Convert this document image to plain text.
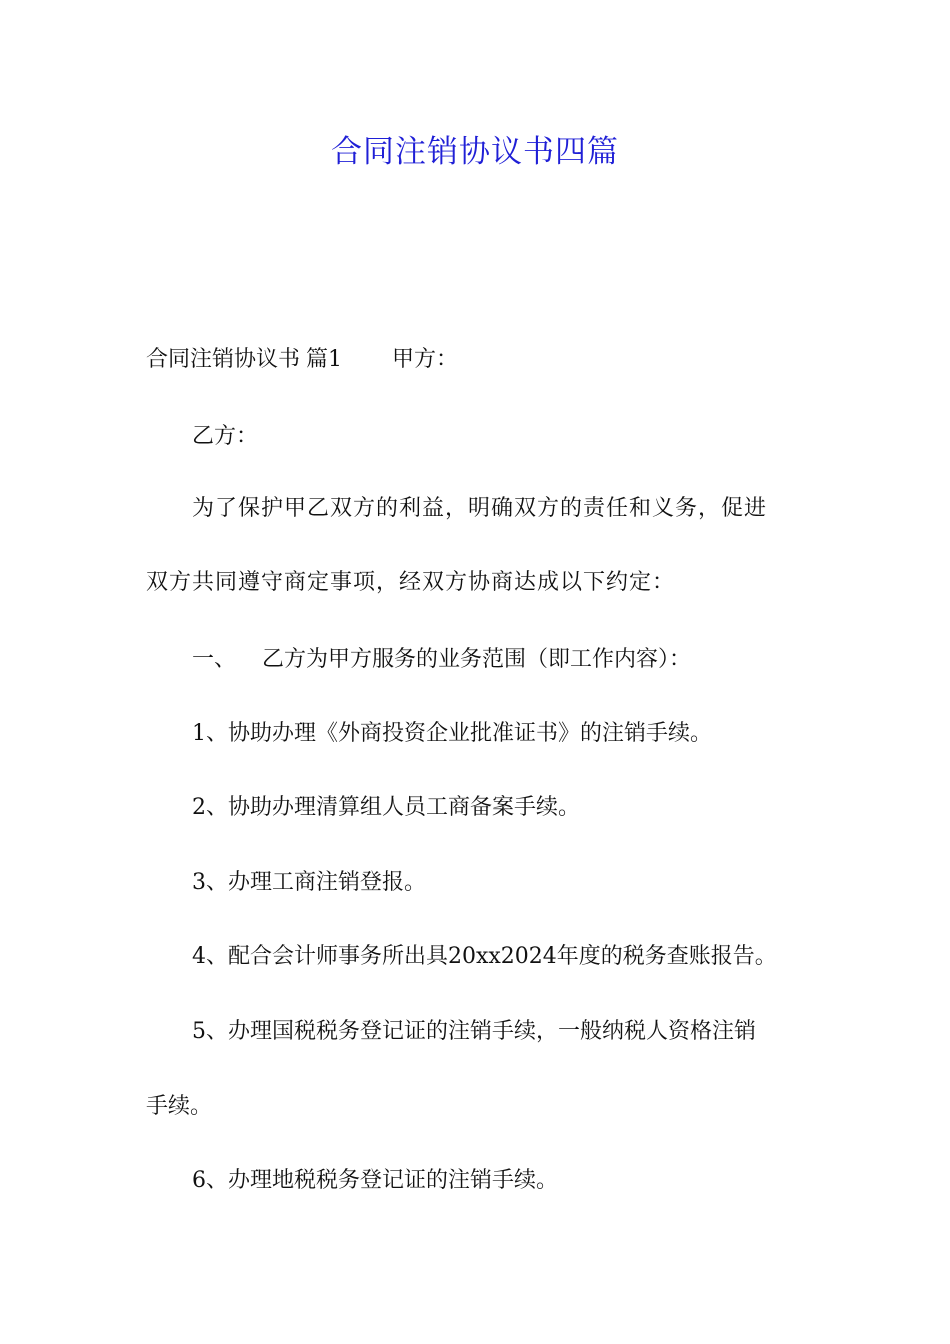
合同注销协议书四篇
合同注销协议书 篇1 甲方：
乙方：
为了保护甲乙双方的利益，明确双方的责任和义务，促进
双方共同遵守商定事项，经双方协商达成以下约定：
一、 乙方为甲方服务的业务范围（即工作内容）：
1、协助办理《外商投资企业批准证书》的注销手续。
2、协助办理清算组人员工商备案手续。
3、办理工商注销登报。
4、配合会计师事务所出具20xx2024年度的税务查账报告。
5、办理国税税务登记证的注销手续，一般纳税人资格注销
手续。
6、办理地税税务登记证的注销手续。
